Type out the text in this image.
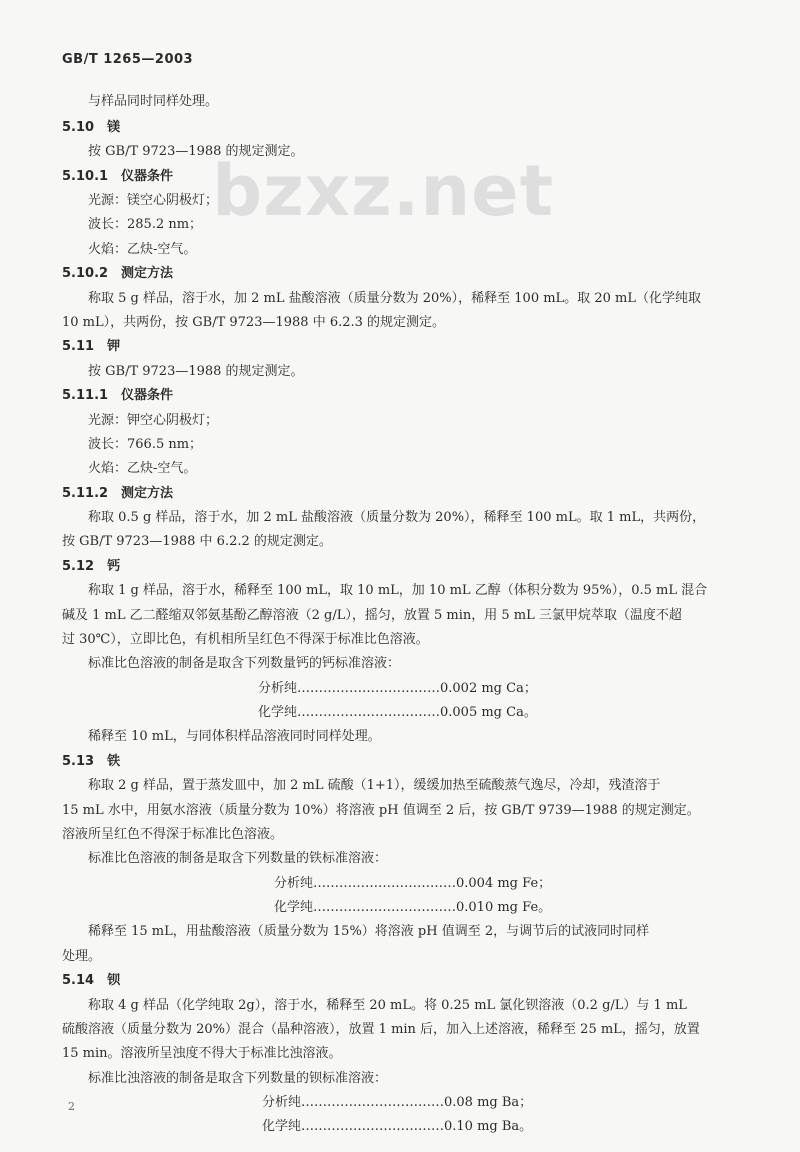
GB/T 1265—2003
bzxz.net
与样品同时同样处理。
5.10　镁
按 GB/T 9723—1988 的规定测定。
5.10.1　仪器条件
光源：镁空心阴极灯；
波长：285.2 nm；
火焰：乙炔-空气。
5.10.2　测定方法
称取 5 g 样品，溶于水，加 2 mL 盐酸溶液（质量分数为 20%），稀释至 100 mL。取 20 mL（化学纯取
10 mL），共两份，按 GB/T 9723—1988 中 6.2.3 的规定测定。
5.11　钾
按 GB/T 9723—1988 的规定测定。
5.11.1　仪器条件
光源：钾空心阴极灯；
波长：766.5 nm；
火焰：乙炔-空气。
5.11.2　测定方法
称取 0.5 g 样品，溶于水，加 2 mL 盐酸溶液（质量分数为 20%），稀释至 100 mL。取 1 mL，共两份，
按 GB/T 9723—1988 中 6.2.2 的规定测定。
5.12　钙
称取 1 g 样品，溶于水，稀释至 100 mL，取 10 mL，加 10 mL 乙醇（体积分数为 95%），0.5 mL 混合
碱及 1 mL 乙二醛缩双邻氨基酚乙醇溶液（2 g/L），摇匀，放置 5 min，用 5 mL 三氯甲烷萃取（温度不超
过 30℃），立即比色，有机相所呈红色不得深于标准比色溶液。
标准比色溶液的制备是取含下列数量钙的钙标准溶液：
分析纯……………………………0.002 mg Ca；
化学纯……………………………0.005 mg Ca。
稀释至 10 mL，与同体积样品溶液同时同样处理。
5.13　铁
称取 2 g 样品，置于蒸发皿中，加 2 mL 硫酸（1+1），缓缓加热至硫酸蒸气逸尽，冷却，残渣溶于
15 mL 水中，用氨水溶液（质量分数为 10%）将溶液 pH 值调至 2 后，按 GB/T 9739—1988 的规定测定。
溶液所呈红色不得深于标准比色溶液。
标准比色溶液的制备是取含下列数量的铁标准溶液：
分析纯……………………………0.004 mg Fe；
化学纯……………………………0.010 mg Fe。
稀释至 15 mL，用盐酸溶液（质量分数为 15%）将溶液 pH 值调至 2，与调节后的试液同时同样
处理。
5.14　钡
称取 4 g 样品（化学纯取 2g），溶于水，稀释至 20 mL。将 0.25 mL 氯化钡溶液（0.2 g/L）与 1 mL
硫酸溶液（质量分数为 20%）混合（晶种溶液），放置 1 min 后，加入上述溶液，稀释至 25 mL，摇匀，放置
15 min。溶液所呈浊度不得大于标准比浊溶液。
标准比浊溶液的制备是取含下列数量的钡标准溶液：
分析纯……………………………0.08 mg Ba；
化学纯……………………………0.10 mg Ba。
2
